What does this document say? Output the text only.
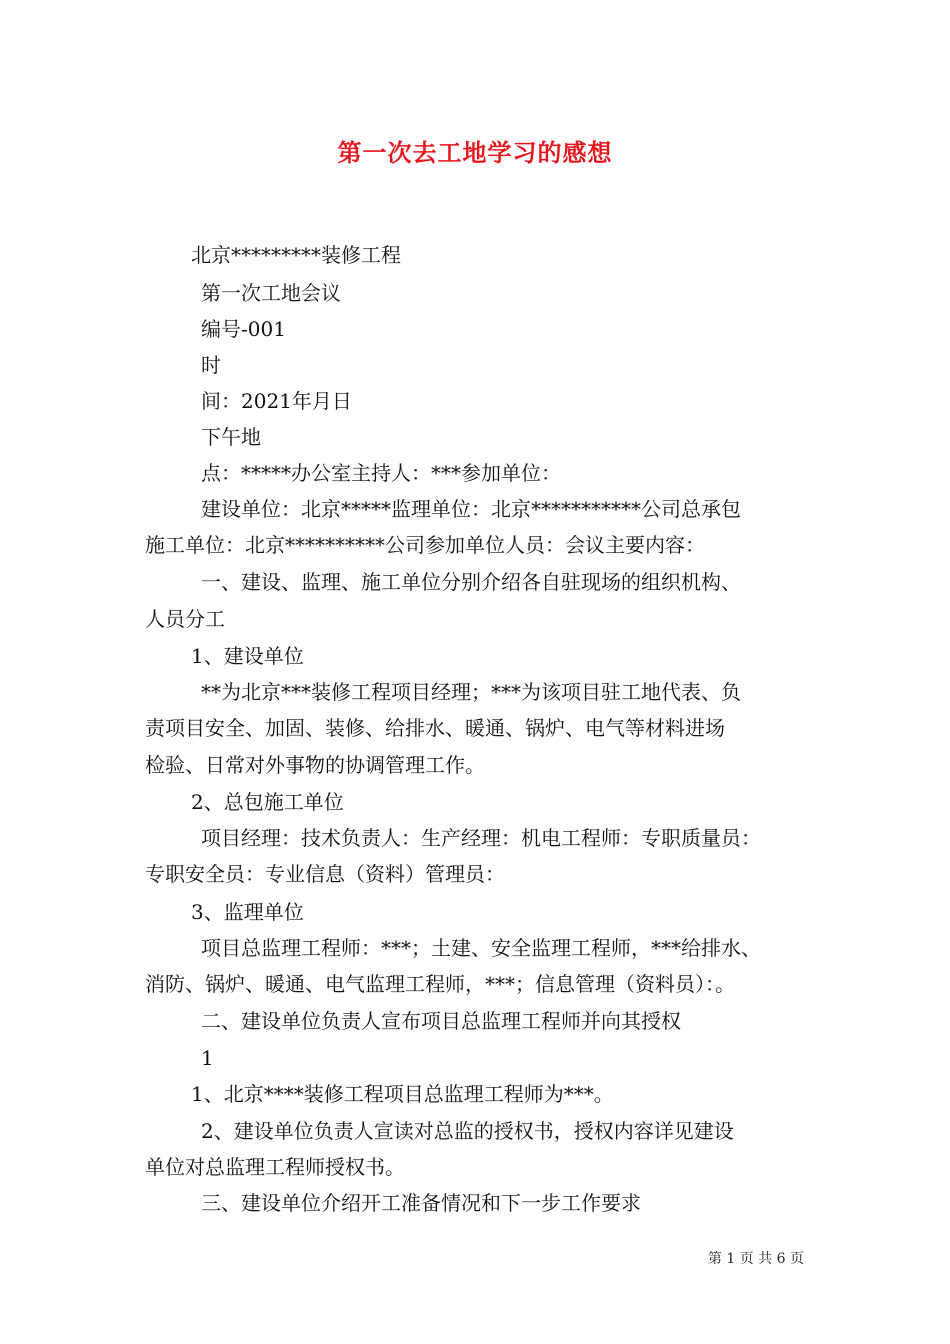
第一次去工地学习的感想
北京*********装修工程
第一次工地会议
编号-001
时
间：2021年月日
下午地
点：*****办公室主持人：***参加单位：
建设单位：北京*****监理单位：北京***********公司总承包
施工单位：北京**********公司参加单位人员：会议主要内容：
一、建设、监理、施工单位分别介绍各自驻现场的组织机构、
人员分工
1、建设单位
**为北京***装修工程项目经理；***为该项目驻工地代表、负
责项目安全、加固、装修、给排水、暖通、锅炉、电气等材料进场
检验、日常对外事物的协调管理工作。
2、总包施工单位
项目经理：技术负责人：生产经理：机电工程师：专职质量员：
专职安全员：专业信息（资料）管理员：
3、监理单位
项目总监理工程师：***；土建、安全监理工程师，***给排水、
消防、锅炉、暖通、电气监理工程师，***；信息管理（资料员）：。
二、建设单位负责人宣布项目总监理工程师并向其授权
1
1、北京****装修工程项目总监理工程师为***。
2、建设单位负责人宣读对总监的授权书，授权内容详见建设
单位对总监理工程师授权书。
三、建设单位介绍开工准备情况和下一步工作要求
第 1 页 共 6 页
